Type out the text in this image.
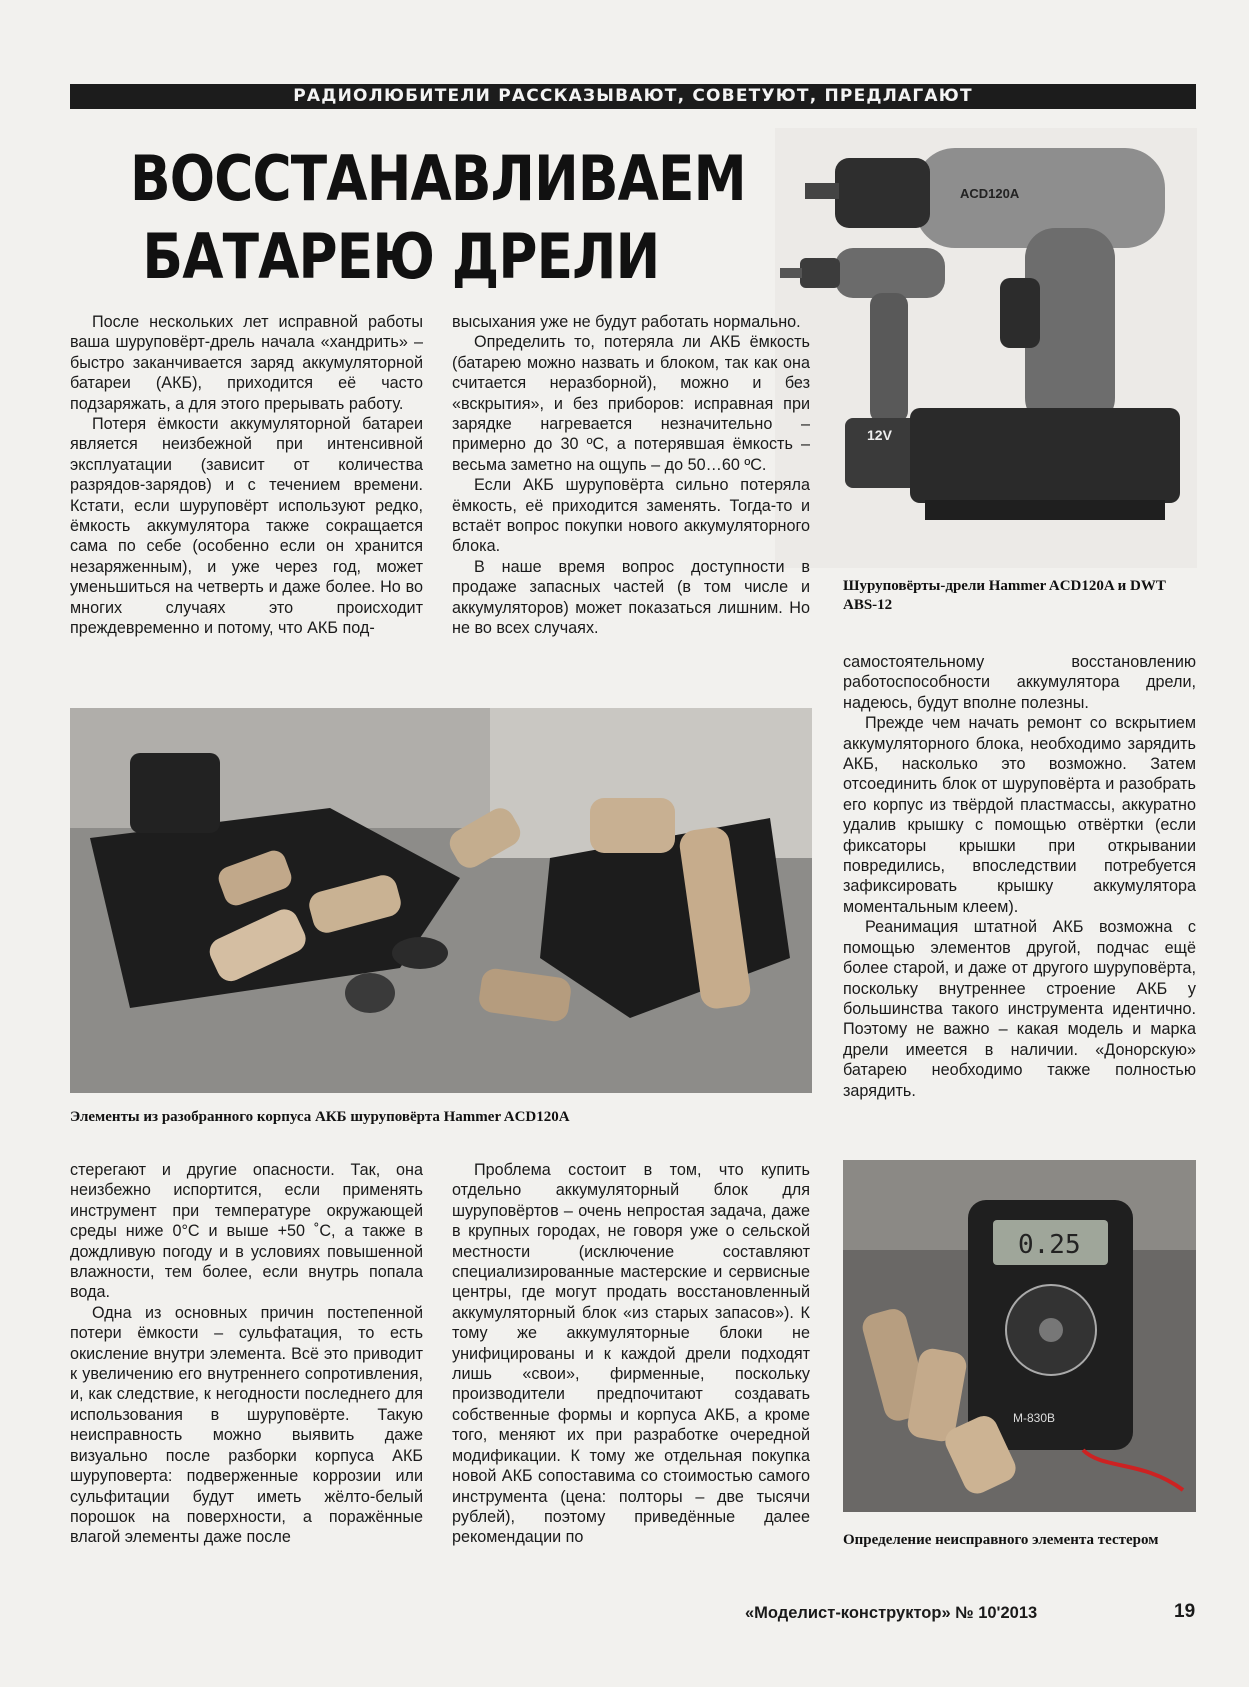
РАДИОЛЮБИТЕЛИ РАССКАЗЫВАЮТ, СОВЕТУЮТ, ПРЕДЛАГАЮТ
ВОССТАНАВЛИВАЕМ
БАТАРЕЮ ДРЕЛИ
12V
ACD120A
Шуруповёрты-дрели Hammer ACD120A и DWT ABS-12

После нескольких лет исправной работы ваша шуруповёрт-дрель начала «хандрить» – быстро заканчивается заряд аккумуляторной батареи (АКБ), приходится её часто подзаряжать, а для этого прерывать работу.

Потеря ёмкости аккумуляторной батареи является неизбежной при интенсивной эксплуатации (зависит от количества разрядов-зарядов) и с течением времени. Кстати, если шуруповёрт используют редко, ёмкость аккумулятора также сокращается сама по себе (особенно если он хранится незаряженным), и уже через год, может уменьшиться на четверть и даже более. Но во многих случаях это происходит преждевременно и потому, что АКБ под-

высыхания уже не будут работать нормально.

Определить то, потеряла ли АКБ ёмкость (батарею можно назвать и блоком, так как она считается неразборной), можно и без «вскрытия», и без приборов: исправная при зарядке нагревается незначительно – примерно до 30 ºС, а потерявшая ёмкость – весьма заметно на ощупь – до 50…60 ºС.

Если АКБ шуруповёрта сильно потеряла ёмкость, её приходится заменять. Тогда-то и встаёт вопрос покупки нового аккумуляторного блока.

В наше время вопрос доступности в продаже запасных частей (в том числе и аккумуляторов) может показаться лишним. Но не во всех случаях.

Элементы из разобранного корпуса АКБ шуруповёрта Hammer ACD120A

самостоятельному восстановлению работоспособности аккумулятора дрели, надеюсь, будут вполне полезны.

Прежде чем начать ремонт со вскрытием аккумуляторного блока, необходимо зарядить АКБ, насколько это возможно. Затем отсоединить блок от шуруповёрта и разобрать его корпус из твёрдой пластмассы, аккуратно удалив крышку с помощью отвёртки (если фиксаторы крышки при открывании повредились, впоследствии потребуется зафиксировать крышку аккумулятора моментальным клеем).

Реанимация штатной АКБ возможна с помощью элементов другой, подчас ещё более старой, и даже от другого шуруповёрта, поскольку внутреннее строение АКБ у большинства такого инструмента идентично. Поэтому не важно – какая модель и марка дрели имеется в наличии. «Донорскую» батарею необходимо также полностью зарядить.

0.25
M-830B
Определение неисправного элемента тестером

стерегают и другие опасности. Так, она неизбежно испортится, если применять инструмент при температуре окружающей среды ниже 0°С и выше +50 ˚С, а также в дождливую погоду и в условиях повышенной влажности, тем более, если внутрь попала вода.

Одна из основных причин постепенной потери ёмкости – сульфатация, то есть окисление внутри элемента. Всё это приводит к увеличению его внутреннего сопротивления, и, как следствие, к негодности последнего для использования в шуруповёрте. Такую неисправность можно выявить даже визуально после разборки корпуса АКБ шуруповерта: подверженные коррозии или сульфитации будут иметь жёлто-белый порошок на поверхности, а поражённые влагой элементы даже после

Проблема состоит в том, что купить отдельно аккумуляторный блок для шуруповёртов – очень непростая задача, даже в крупных городах, не говоря уже о сельской местности (исключение составляют специализированные мастерские и сервисные центры, где могут продать восстановленный аккумуляторный блок «из старых запасов»). К тому же аккумуляторные блоки не унифицированы и к каждой дрели подходят лишь «свои», фирменные, поскольку производители предпочитают создавать собственные формы и корпуса АКБ, а кроме того, меняют их при разработке очередной модификации. К тому же отдельная покупка новой АКБ сопоставима со стоимостью самого инструмента (цена: полторы – две тысячи рублей), поэтому приведённые далее рекомендации по

«Моделист-конструктор» № 10'2013	19
